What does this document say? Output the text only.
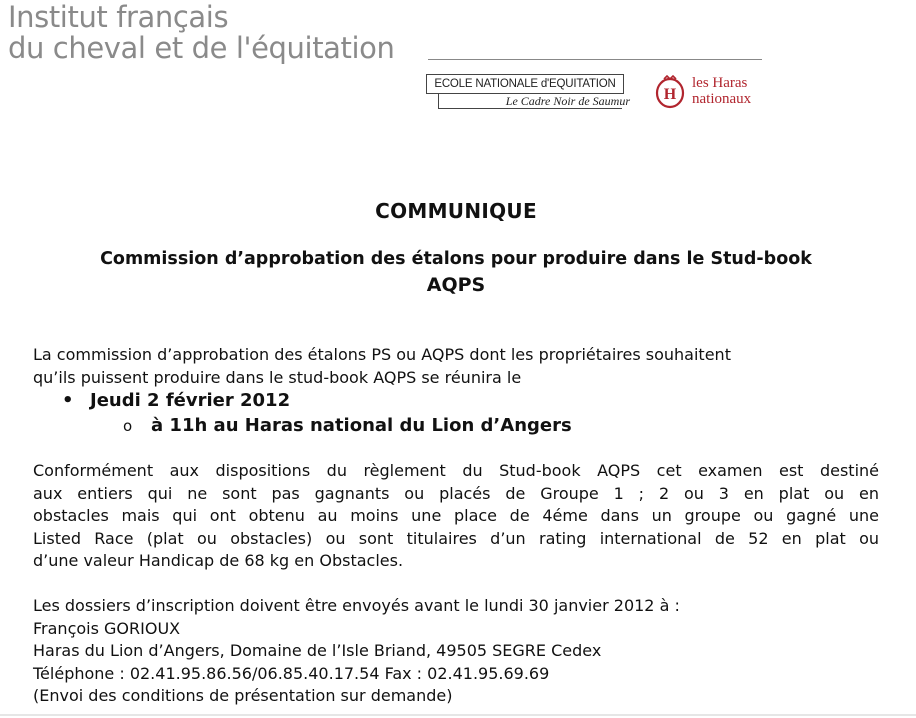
Institut français
du cheval et de l'équitation
ECOLE NATIONALE d'EQUITATION
Le Cadre Noir de Saumur H
les Haras
nationaux
COMMUNIQUE
Commission d’approbation des étalons pour produire dans le Stud-book
AQPS
La commission d’approbation des étalons PS ou AQPS dont les propriétaires souhaitent
qu’ils puissent produire dans le stud-book AQPS se réunira le
• Jeudi 2 février 2012
o à 11h au Haras national du Lion d’Angers
Conformément aux dispositions du règlement du Stud-book AQPS cet examen est destiné
aux entiers qui ne sont pas gagnants ou placés de Groupe 1 ; 2 ou 3 en plat ou en
obstacles mais qui ont obtenu au moins une place de 4éme dans un groupe ou gagné une
Listed Race (plat ou obstacles) ou sont titulaires d’un rating international de 52 en plat ou
d’une valeur Handicap de 68 kg en Obstacles.
Les dossiers d’inscription doivent être envoyés avant le lundi 30 janvier 2012 à :
François GORIOUX
Haras du Lion d’Angers, Domaine de l’Isle Briand, 49505 SEGRE Cedex
Téléphone : 02.41.95.86.56/06.85.40.17.54 Fax : 02.41.95.69.69
(Envoi des conditions de présentation sur demande)
